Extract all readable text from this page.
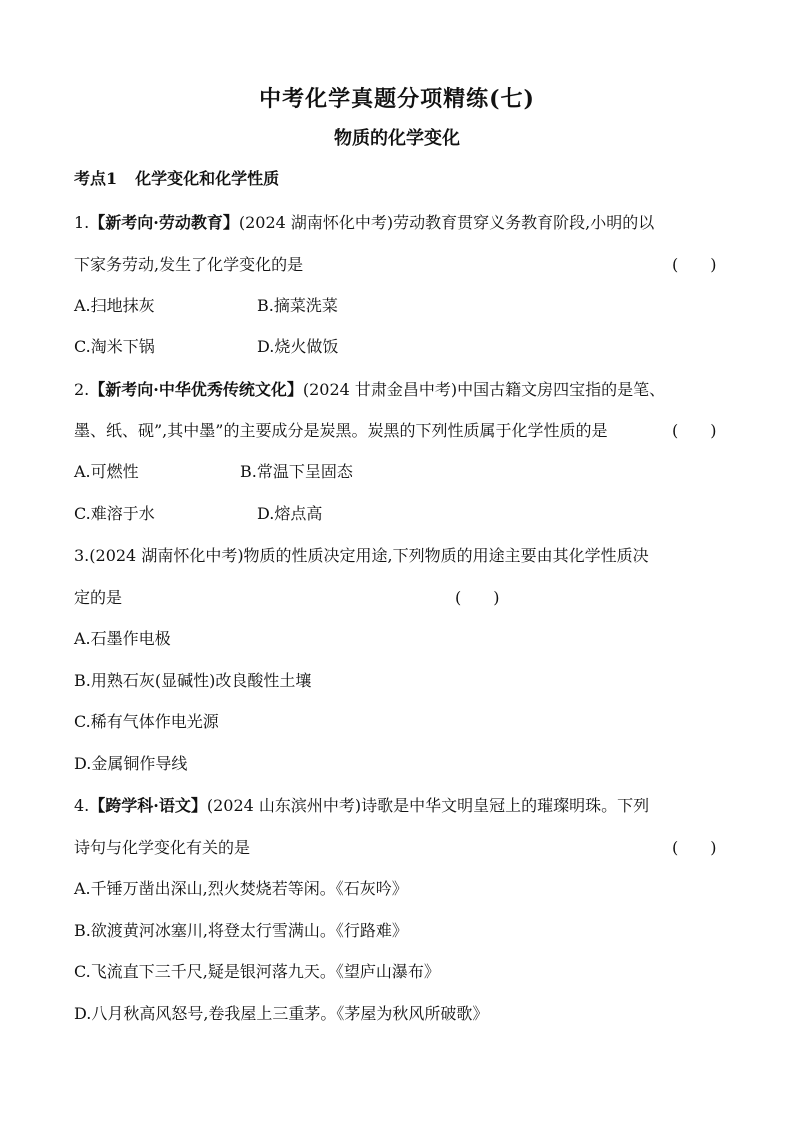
中考化学真题分项精练(七)
物质的化学变化
考点1 化学变化和化学性质
1.【新考向·劳动教育】(2024 湖南怀化中考)劳动教育贯穿义务教育阶段,小明的以
下家务劳动,发生了化学变化的是	(　　)
A.扫地抹灰	B.摘菜洗菜
C.淘米下锅	D.烧火做饭
2.【新考向·中华优秀传统文化】(2024 甘肃金昌中考)中国古籍文房四宝指的是笔、
墨、纸、砚”,其中墨”的主要成分是炭黑。炭黑的下列性质属于化学性质的是	(　　)
A.可燃性	B.常温下呈固态
C.难溶于水	D.熔点高
3.(2024 湖南怀化中考)物质的性质决定用途,下列物质的用途主要由其化学性质决
定的是	(　　)
A.石墨作电极
B.用熟石灰(显碱性)改良酸性土壤
C.稀有气体作电光源
D.金属铜作导线
4.【跨学科·语文】(2024 山东滨州中考)诗歌是中华文明皇冠上的璀璨明珠。下列
诗句与化学变化有关的是	(　　)
A.千锤万凿出深山,烈火焚烧若等闲。《石灰吟》
B.欲渡黄河冰塞川,将登太行雪满山。《行路难》
C.飞流直下三千尺,疑是银河落九天。《望庐山瀑布》
D.八月秋高风怒号,卷我屋上三重茅。《茅屋为秋风所破歌》
